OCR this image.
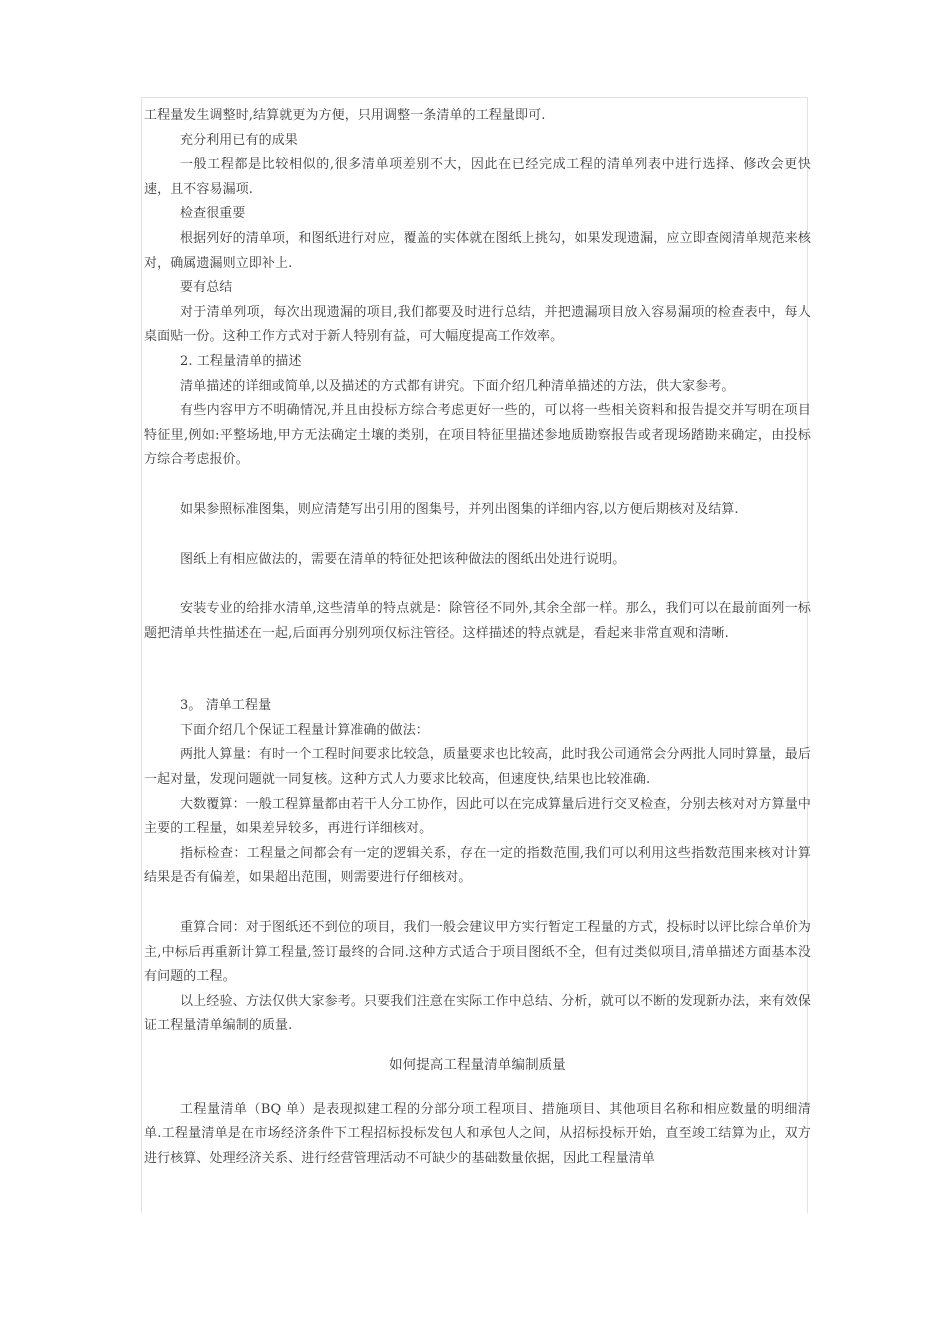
工程量发生调整时,结算就更为方便，只用调整一条清单的工程量即可.

充分利用已有的成果

一般工程都是比较相似的,很多清单项差别不大，因此在已经完成工程的清单列表中进行选择、修改会更快速，且不容易漏项.

检查很重要

根据列好的清单项，和图纸进行对应，覆盖的实体就在图纸上挑勾，如果发现遗漏，应立即查阅清单规范来核对，确属遗漏则立即补上.

要有总结

对于清单列项，每次出现遗漏的项目,我们都要及时进行总结，并把遗漏项目放入容易漏项的检查表中，每人桌面贴一份。这种工作方式对于新人特别有益，可大幅度提高工作效率。

2. 工程量清单的描述

清单描述的详细或简单,以及描述的方式都有讲究。下面介绍几种清单描述的方法，供大家参考。

有些内容甲方不明确情况,并且由投标方综合考虑更好一些的，可以将一些相关资料和报告提交并写明在项目特征里,例如:平整场地,甲方无法确定土壤的类别，在项目特征里描述参地质勘察报告或者现场踏勘来确定，由投标方综合考虑报价。

如果参照标准图集，则应清楚写出引用的图集号，并列出图集的详细内容,以方便后期核对及结算.

图纸上有相应做法的，需要在清单的特征处把该种做法的图纸出处进行说明。

安装专业的给排水清单,这些清单的特点就是：除管径不同外,其余全部一样。那么，我们可以在最前面列一标题把清单共性描述在一起,后面再分别列项仅标注管径。这样描述的特点就是，看起来非常直观和清晰.

3。 清单工程量

下面介绍几个保证工程量计算准确的做法：

两批人算量：有时一个工程时间要求比较急，质量要求也比较高，此时我公司通常会分两批人同时算量，最后一起对量，发现问题就一同复核。这种方式人力要求比较高，但速度快,结果也比较准确.

大数覆算：一般工程算量都由若干人分工协作，因此可以在完成算量后进行交叉检查，分别去核对对方算量中主要的工程量，如果差异较多，再进行详细核对。

指标检查：工程量之间都会有一定的逻辑关系，存在一定的指数范围,我们可以利用这些指数范围来核对计算结果是否有偏差，如果超出范围，则需要进行仔细核对。

重算合同：对于图纸还不到位的项目，我们一般会建议甲方实行暂定工程量的方式，投标时以评比综合单价为主,中标后再重新计算工程量,签订最终的合同.这种方式适合于项目图纸不全，但有过类似项目,清单描述方面基本没有问题的工程。

以上经验、方法仅供大家参考。只要我们注意在实际工作中总结、分析，就可以不断的发现新办法，来有效保证工程量清单编制的质量.

如何提高工程量清单编制质量

工程量清单（BQ 单）是表现拟建工程的分部分项工程项目、措施项目、其他项目名称和相应数量的明细清单.工程量清单是在市场经济条件下工程招标投标发包人和承包人之间，从招标投标开始，直至竣工结算为止，双方进行核算、处理经济关系、进行经营管理活动不可缺少的基础数量依据，因此工程量清单
